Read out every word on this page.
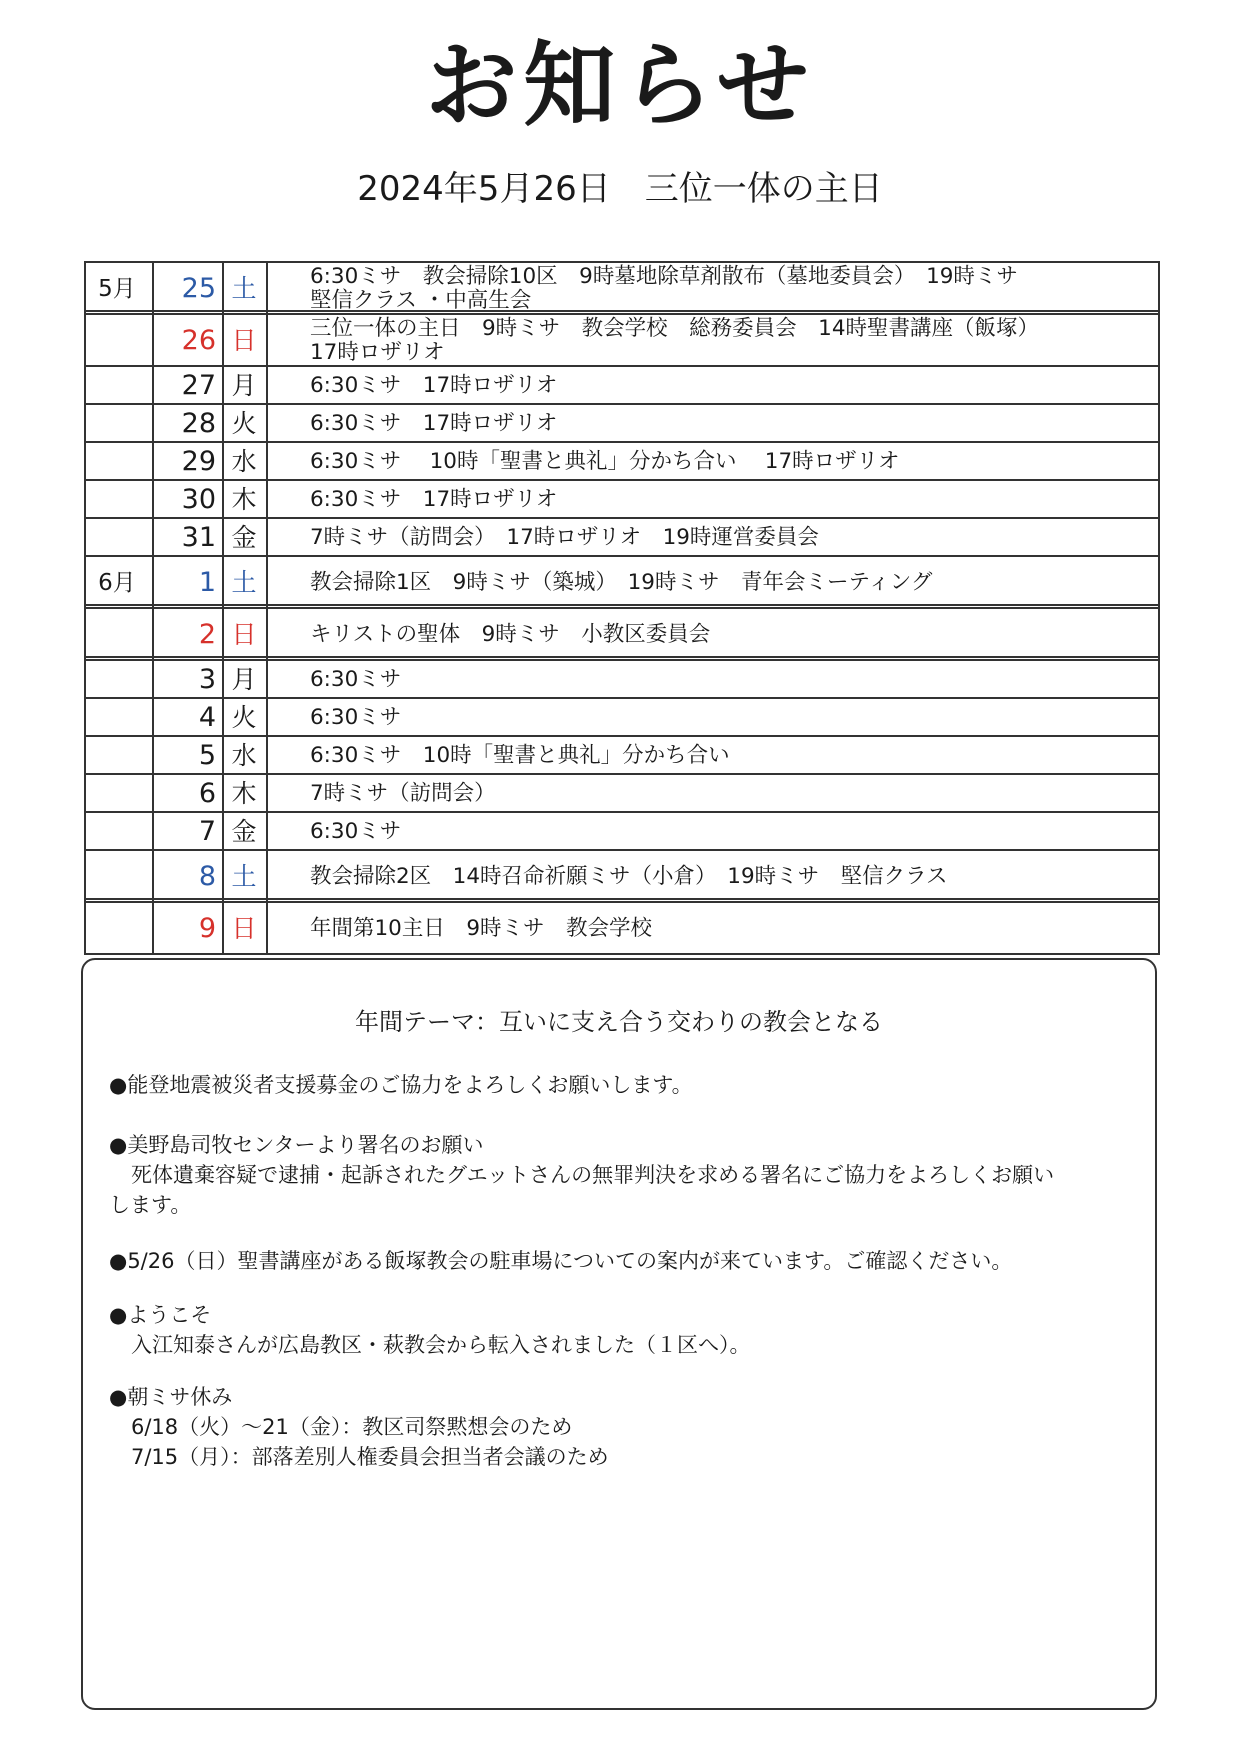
お知らせ
2024年5月26日　三位一体の主日
5月	25 土	6:30ミサ　教会掃除10区　9時墓地除草剤散布（墓地委員会）　19時ミサ
堅信クラス ・中高生会
26 日	三位一体の主日　9時ミサ　教会学校　総務委員会　14時聖書講座（飯塚）
17時ロザリオ
27 月	6:30ミサ　17時ロザリオ
28 火	6:30ミサ　17時ロザリオ
29 水	6:30ミサ　 10時「聖書と典礼」分かち合い　 17時ロザリオ
30 木	6:30ミサ　17時ロザリオ
31 金	7時ミサ（訪問会）　17時ロザリオ　19時運営委員会
6月	1 土	教会掃除1区　9時ミサ（築城）　19時ミサ　青年会ミーティング
2 日	キリストの聖体　9時ミサ　小教区委員会
3 月	6:30ミサ
4 火	6:30ミサ
5 水	6:30ミサ　10時「聖書と典礼」分かち合い
6 木	7時ミサ（訪問会）
7 金	6:30ミサ
8 土	教会掃除2区　14時召命祈願ミサ（小倉）　19時ミサ　堅信クラス
9 日	年間第10主日　9時ミサ　教会学校
年間テーマ：互いに支え合う交わりの教会となる
●能登地震被災者支援募金のご協力をよろしくお願いします。
●美野島司牧センターより署名のお願い
死体遺棄容疑で逮捕・起訴されたグエットさんの無罪判決を求める署名にご協力をよろしくお願い
します。
●5/26（日）聖書講座がある飯塚教会の駐車場についての案内が来ています。ご確認ください。
●ようこそ
入江知泰さんが広島教区・萩教会から転入されました（１区へ）。
●朝ミサ休み
6/18（火）～21（金）：教区司祭黙想会のため
7/15（月）：部落差別人権委員会担当者会議のため
